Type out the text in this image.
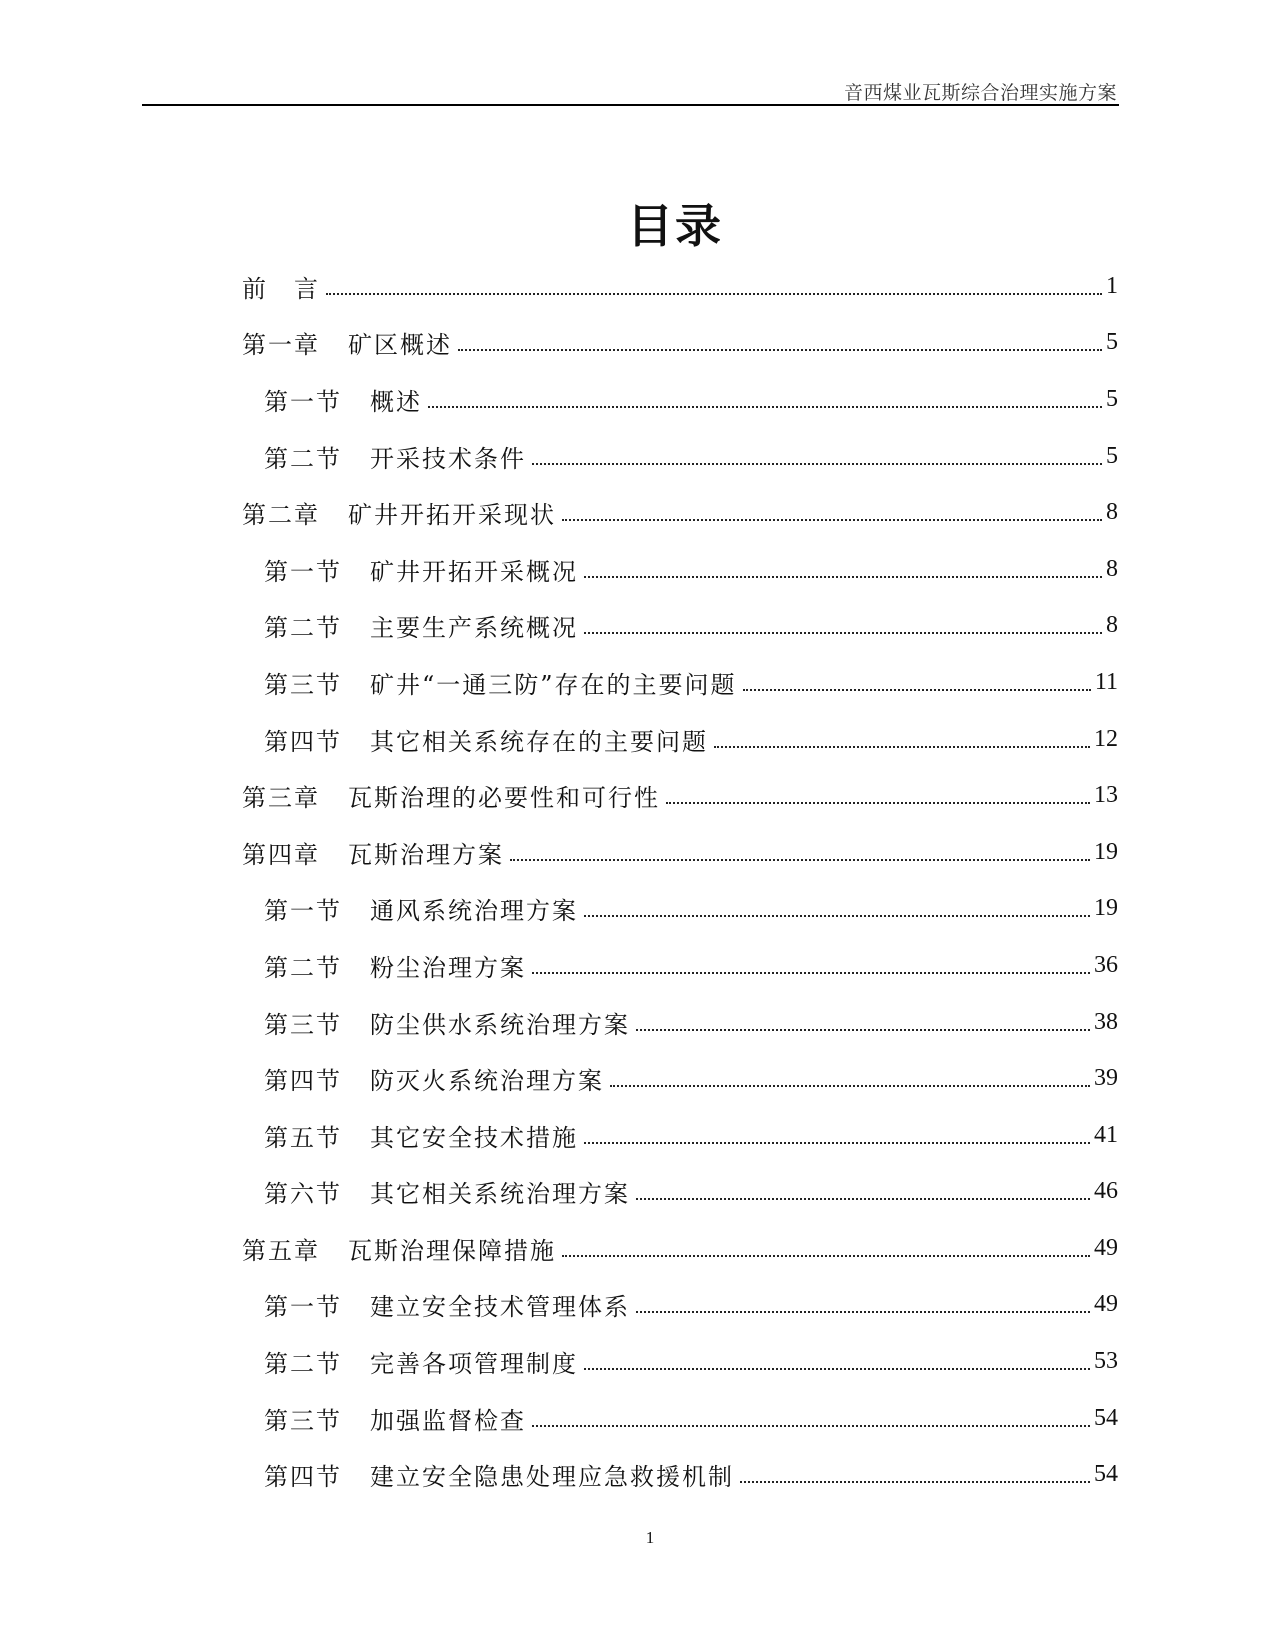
音西煤业瓦斯综合治理实施方案
目录
前　言	1
第一章 矿区概述	5
第一节 概述	5
第二节 开采技术条件	5
第二章 矿井开拓开采现状	8
第一节 矿井开拓开采概况	8
第二节 主要生产系统概况	8
第三节 矿井“一通三防”存在的主要问题	11
第四节 其它相关系统存在的主要问题	12
第三章 瓦斯治理的必要性和可行性	13
第四章 瓦斯治理方案	19
第一节 通风系统治理方案	19
第二节 粉尘治理方案	36
第三节 防尘供水系统治理方案	38
第四节 防灭火系统治理方案	39
第五节 其它安全技术措施	41
第六节 其它相关系统治理方案	46
第五章 瓦斯治理保障措施	49
第一节 建立安全技术管理体系	49
第二节 完善各项管理制度	53
第三节 加强监督检查	54
第四节 建立安全隐患处理应急救援机制	54
1
